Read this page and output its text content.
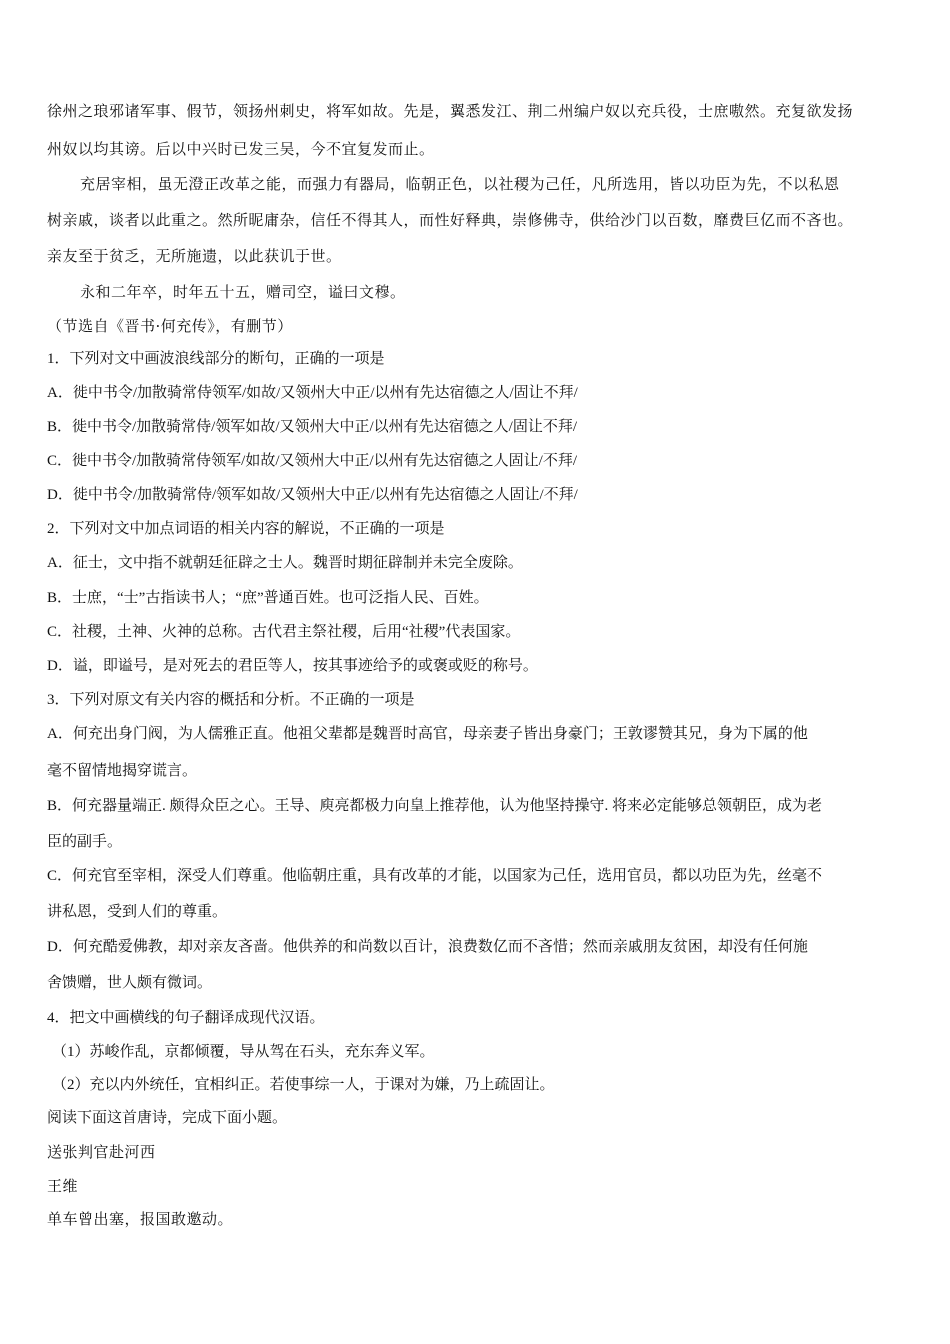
徐州之琅邪诸军事、假节，领扬州刺史，将军如故。先是，翼悉发江、荆二州编户奴以充兵役，士庶嗷然。充复欲发扬
州奴以均其谤。后以中兴时已发三吴，今不宜复发而止。
充居宰相，虽无澄正改革之能，而强力有器局，临朝正色，以社稷为己任，凡所选用，皆以功臣为先，不以私恩
树亲戚，谈者以此重之。然所昵庸杂，信任不得其人，而性好释典，崇修佛寺，供给沙门以百数，靡费巨亿而不吝也。
亲友至于贫乏，无所施遗，以此获讥于世。
永和二年卒，时年五十五，赠司空，谥曰文穆。
（节选自《晋书·何充传》，有删节）
1．下列对文中画波浪线部分的断句，正确的一项是
A．徙中书令/加散骑常侍领军/如故/又领州大中正/以州有先达宿德之人/固让不拜/
B．徙中书令/加散骑常侍/领军如故/又领州大中正/以州有先达宿德之人/固让不拜/
C．徙中书令/加散骑常侍领军/如故/又领州大中正/以州有先达宿德之人固让/不拜/
D．徙中书令/加散骑常侍/领军如故/又领州大中正/以州有先达宿德之人固让/不拜/
2．下列对文中加点词语的相关内容的解说，不正确的一项是
A．征士，文中指不就朝廷征辟之士人。魏晋时期征辟制并未完全废除。
B．士庶，“士”古指读书人；“庶”普通百姓。也可泛指人民、百姓。
C．社稷，土神、火神的总称。古代君主祭社稷，后用“社稷”代表国家。
D．谥，即谥号，是对死去的君臣等人，按其事迹给予的或褒或贬的称号。
3．下列对原文有关内容的概括和分析。不正确的一项是
A．何充出身门阀，为人儒雅正直。他祖父辈都是魏晋时高官，母亲妻子皆出身豪门；王敦谬赞其兄，身为下属的他
毫不留情地揭穿谎言。
B．何充器量端正. 颇得众臣之心。王导、庾亮都极力向皇上推荐他，认为他坚持操守. 将来必定能够总领朝臣，成为老
臣的副手。
C．何充官至宰相，深受人们尊重。他临朝庄重，具有改革的才能，以国家为己任，选用官员，都以功臣为先，丝毫不
讲私恩，受到人们的尊重。
D．何充酷爱佛教，却对亲友吝啬。他供养的和尚数以百计，浪费数亿而不吝惜；然而亲戚朋友贫困，却没有任何施
舍馈赠，世人颇有微词。
4．把文中画横线的句子翻译成现代汉语。
（1）苏峻作乱，京都倾覆，导从驾在石头，充东奔义军。
（2）充以内外统任，宜相纠正。若使事综一人，于课对为嫌，乃上疏固让。
阅读下面这首唐诗，完成下面小题。
送张判官赴河西
王维
单车曾出塞，报国敢邀动。
